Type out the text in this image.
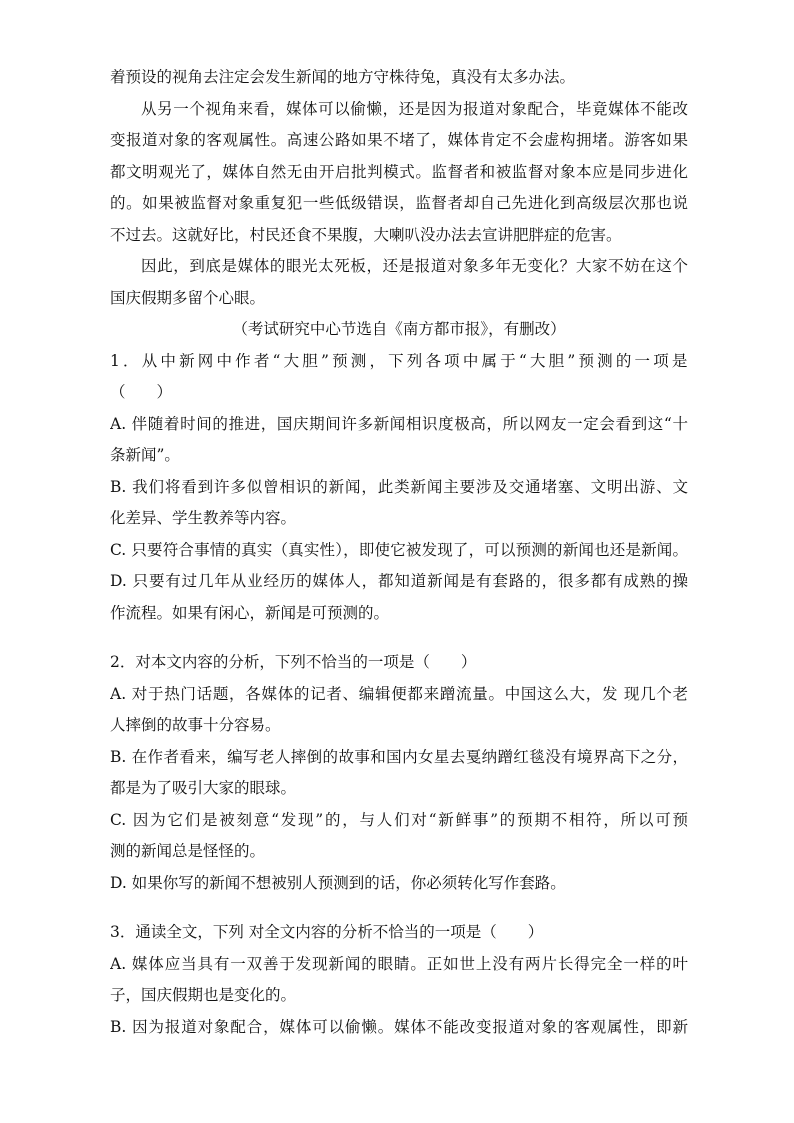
着预设的视角去注定会发生新闻的地方守株待兔，真没有太多办法。
从另一个视角来看，媒体可以偷懒，还是因为报道对象配合，毕竟媒体不能改
变报道对象的客观属性。高速公路如果不堵了，媒体肯定不会虚构拥堵。游客如果
都文明观光了，媒体自然无由开启批判模式。监督者和被监督对象本应是同步进化
的。如果被监督对象重复犯一些低级错误，监督者却自己先进化到高级层次那也说
不过去。这就好比，村民还食不果腹，大喇叭没办法去宣讲肥胖症的危害。
因此，到底是媒体的眼光太死板，还是报道对象多年无变化？大家不妨在这个
国庆假期多留个心眼。
（考试研究中心节选自《南方都市报》，有删改）
1．从中新网中作者“大胆”预测，下列各项中属于“大胆”预测的一项是
（　　）
A. 伴随着时间的推进，国庆期间许多新闻相识度极高，所以网友一定会看到这“十
条新闻”。
B. 我们将看到许多似曾相识的新闻，此类新闻主要涉及交通堵塞、文明出游、文
化差异、学生教养等内容。
C. 只要符合事情的真实（真实性），即使它被发现了，可以预测的新闻也还是新闻。
D. 只要有过几年从业经历的媒体人，都知道新闻是有套路的，很多都有成熟的操
作流程。如果有闲心，新闻是可预测的。
2．对本文内容的分析，下列不恰当的一项是（　　）
A. 对于热门话题，各媒体的记者、编辑便都来蹭流量。中国这么大，发 现几个老
人摔倒的故事十分容易。
B. 在作者看来，编写老人摔倒的故事和国内女星去戛纳蹭红毯没有境界高下之分，
都是为了吸引大家的眼球。
C. 因为它们是被刻意“发现”的，与人们对“新鲜事”的预期不相符，所以可预
测的新闻总是怪怪的。
D. 如果你写的新闻不想被别人预测到的话，你必须转化写作套路。
3．通读全文，下列 对全文内容的分析不恰当的一项是（　　）
A. 媒体应当具有一双善于发现新闻的眼睛。正如世上没有两片长得完全一样的叶
子，国庆假期也是变化的。
B. 因为报道对象配合，媒体可以偷懒。媒体不能改变报道对象的客观属性，即新
